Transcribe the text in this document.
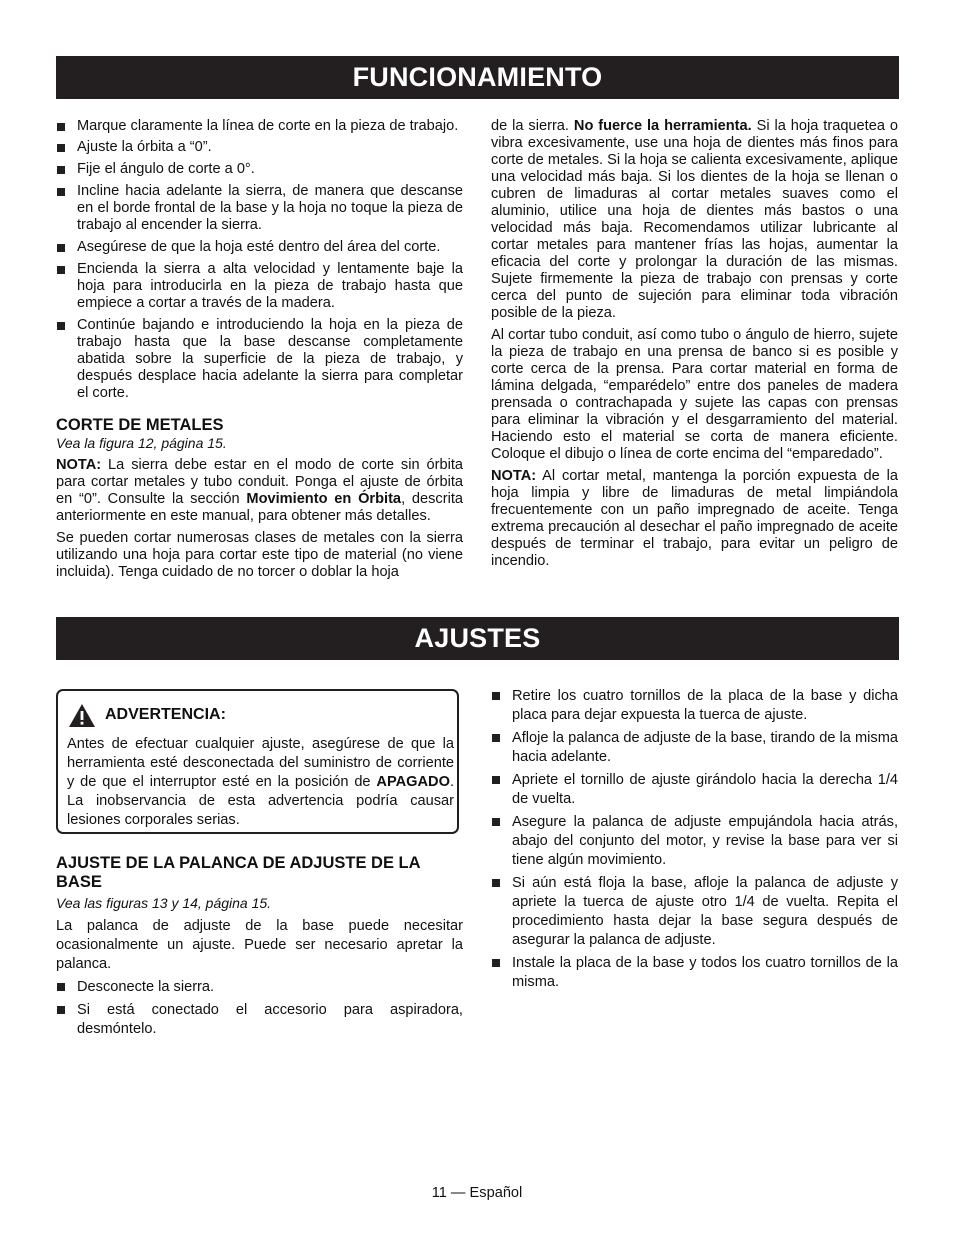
FUNCIONAMIENTO
Marque claramente la línea de corte en la pieza de trabajo.
Ajuste la órbita a “0”.
Fije el ángulo de corte a 0°.
Incline hacia adelante la sierra, de manera que descanse en el borde frontal de la base y la hoja no toque la pieza de trabajo al encender la sierra.
Asegúrese de que la hoja esté dentro del área del corte.
Encienda la sierra a alta velocidad y lentamente baje la hoja para introducirla en la pieza de trabajo hasta que empiece a cortar a través de la madera.
Continúe bajando e introduciendo la hoja en la pieza de trabajo hasta que la base descanse completamente abatida sobre la superficie de la pieza de trabajo, y después desplace hacia adelante la sierra para completar el corte.
CORTE DE METALES
Vea la figura 12, página 15.

NOTA: La sierra debe estar en el modo de corte sin órbita para cortar metales y tubo conduit. Ponga el ajuste de órbita en “0”. Consulte la sección Movimiento en Órbita, descrita anteriormente en este manual, para obtener más detalles.

Se pueden cortar numerosas clases de metales con la sierra utilizando una hoja para cortar este tipo de material (no viene incluida). Tenga cuidado de no torcer o doblar la hoja

de la sierra. No fuerce la herramienta. Si la hoja traquetea o vibra excesivamente, use una hoja de dientes más finos para corte de metales. Si la hoja se calienta excesivamente, aplique una velocidad más baja. Si los dientes de la hoja se llenan o cubren de limaduras al cortar metales suaves como el aluminio, utilice una hoja de dientes más bastos o una velocidad más baja. Recomendamos utilizar lubricante al cortar metales para mantener frías las hojas, aumentar la eficacia del corte y prolongar la duración de las mismas. Sujete firmemente la pieza de trabajo con prensas y corte cerca del punto de sujeción para eliminar toda vibración posible de la pieza.

Al cortar tubo conduit, así como tubo o ángulo de hierro, sujete la pieza de trabajo en una prensa de banco si es posible y corte cerca de la prensa. Para cortar material en forma de lámina delgada, “emparédelo” entre dos paneles de madera prensada o contrachapada y sujete las capas con prensas para eliminar la vibración y el desgarramiento del material. Haciendo esto el material se corta de manera eficiente. Coloque el dibujo o línea de corte encima del “emparedado”.

NOTA: Al cortar metal, mantenga la porción expuesta de la hoja limpia y libre de limaduras de metal limpiándola frecuentemente con un paño impregnado de aceite. Tenga extrema precaución al desechar el paño impregnado de aceite después de terminar el trabajo, para evitar un peligro de incendio.

AJUSTES
ADVERTENCIA:
Antes de efectuar cualquier ajuste, asegúrese de que la herramienta esté desconectada del suministro de corriente y de que el interruptor esté en la posición de APAGADO. La inobservancia de esta advertencia podría causar lesiones corporales serias.
AJUSTE DE LA PALANCA DE ADJUSTE DE LA BASE
Vea las figuras 13 y 14, página 15.

La palanca de adjuste de la base puede necesitar ocasionalmente un ajuste. Puede ser necesario apretar la palanca.

Desconecte la sierra.
Si está conectado el accesorio para aspiradora, desmóntelo.
Retire los cuatro tornillos de la placa de la base y dicha placa para dejar expuesta la tuerca de ajuste.
Afloje la palanca de adjuste de la base, tirando de la misma hacia adelante.
Apriete el tornillo de ajuste girándolo hacia la derecha 1/4 de vuelta.
Asegure la palanca de adjuste empujándola hacia atrás, abajo del conjunto del motor, y revise la base para ver si tiene algún movimiento.
Si aún está floja la base, afloje la palanca de adjuste y apriete la tuerca de ajuste otro 1/4 de vuelta. Repita el procedimiento hasta dejar la base segura después de asegurar la palanca de adjuste.
Instale la placa de la base y todos los cuatro tornillos de la misma.
11 — Español
